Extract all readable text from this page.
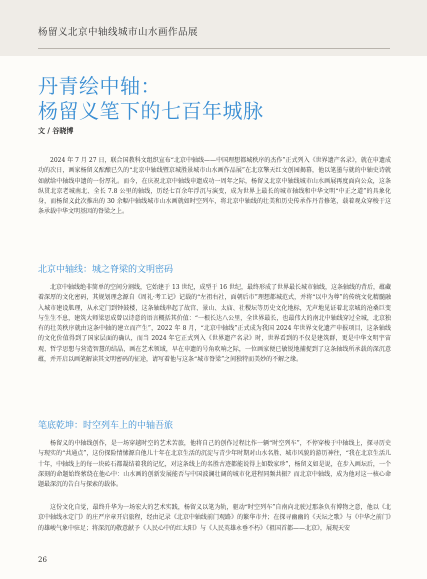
杨留义北京中轴线城市山水画作品展
丹青绘中轴：
杨留义笔下的七百年城脉
文 / 谷晓博

2024 年 7 月 27 日，联合国教科文组织宣布“北京中轴线——中国理想都城秩序的杰作”正式列入《世界遗产名录》，就在申遗成功的次日，画家杨留义酝酿已久的“北京中轴线暨京城胜景城市山水画作品展”在北京擎天红文创园揭幕，他以笔墨与就的中轴史诗就如献给中轴线申遗的一份厚礼。而今，在庆祝北京中轴线申遗成功一周年之际，杨留义北京中轴线城市山水画展再度面向公众，这条纵贯北京老城南北、全长 7.8 公里的轴线，历经七百余年浮沉与演变，成为世界上最长的城市轴线和中华文明“中正之道”的具象化身，而杨留义此次推出的 30 余幅中轴线城市山水画就如时空列车，将北京中轴线的壮美和历史传承作丹青修笔，载着观众穿梭于这条承载中华文明基因的脊梁之上。

北京中轴线：城之脊梁的文明密码

北京中轴线绝非简单的空间分割线，它始建于 13 世纪，成型于 16 世纪，最终形成了世界最长城市轴线，这条轴线的背后，蕴藏着深厚的文化密码，其规划理念源自《周礼·考工记》记载的“左祖右社，面朝后市”理想都城范式，并将“以中为尊”的传统文化精髓融入城市建设肌理，从永定门到钟鼓楼，这条轴线串起了故宫、景山、太庙、社稷坛等历史文化地标，无声地见证着北京城的沧桑巨变与生生不息，建筑大师梁思成曾以诗意的语言概括其价值：“一根长达八公里，全世界最长，也最伟大的南北中轴线穿过全城，北京独有的壮美秩序就由这条中轴的建立而产生”，2022 年 8 月，“北京中轴线”正式成为我国 2024 年世界文化遗产申报项目，这条轴线的文化价值得到了国家层面的确认，而当 2024 年它正式列入《世界遗产名录》时，世界看到的不仅是建筑群，更是中华文明宇宙观、哲学思想与营造智慧的结晶，画在艺术领域，早在申遗的号角吹响之际，一位画家便已敏锐地捕捉到了这条轴线所承载的深沉意蕴，并开启以画笔解读其文明密码的征途，请写着他与这条“城市脊梁”之间独特而美妙的不解之缘。

笔底乾坤：时空列车上的中轴吾旅

杨留义的中轴线创作，是一场穿越时空的艺术苦旅，他将自己的创作过程比作一辆“时空列车”，不停穿梭于中轴线上，探寻历史与现实的“共通点”，这份探险情愫源自他儿十年在北京生活的沉淀与青少年时期对山水名胜、城市风貌的游历神往，“我在北京生活儿十年，中轴线上的每一块砖石都凝结着我的记忆，对这条线上的名胜古迹都能说得上如数家珍”，杨留义如是说，在步入画坛后，一个深刻的命题始终萦绕在他心中：山水画的创新发展能否与中国波澜壮阔的城市化进程同频共振？而北京中轴线，成为他对这一核心命题最深沉的告白与探索的载体。

这份文化自觉，最终升华为一场宏大的艺术实践，杨留义以笔为轨，驱动“时空列车”自南向北驶过那条负有博物之意，他以《北京中轴线永定门》的庄严序章开启旅程，经由记录《北京中轴线前门观路》的繁华市井；在探寻幽幽的《天坛之歌》与《中华之前门》的雄峻气象中驻足；将深沉的敬意献予《人民心中的红太阳》与《人民英雄永垂不朽》《祖国首都——北京》，展现天安

26
